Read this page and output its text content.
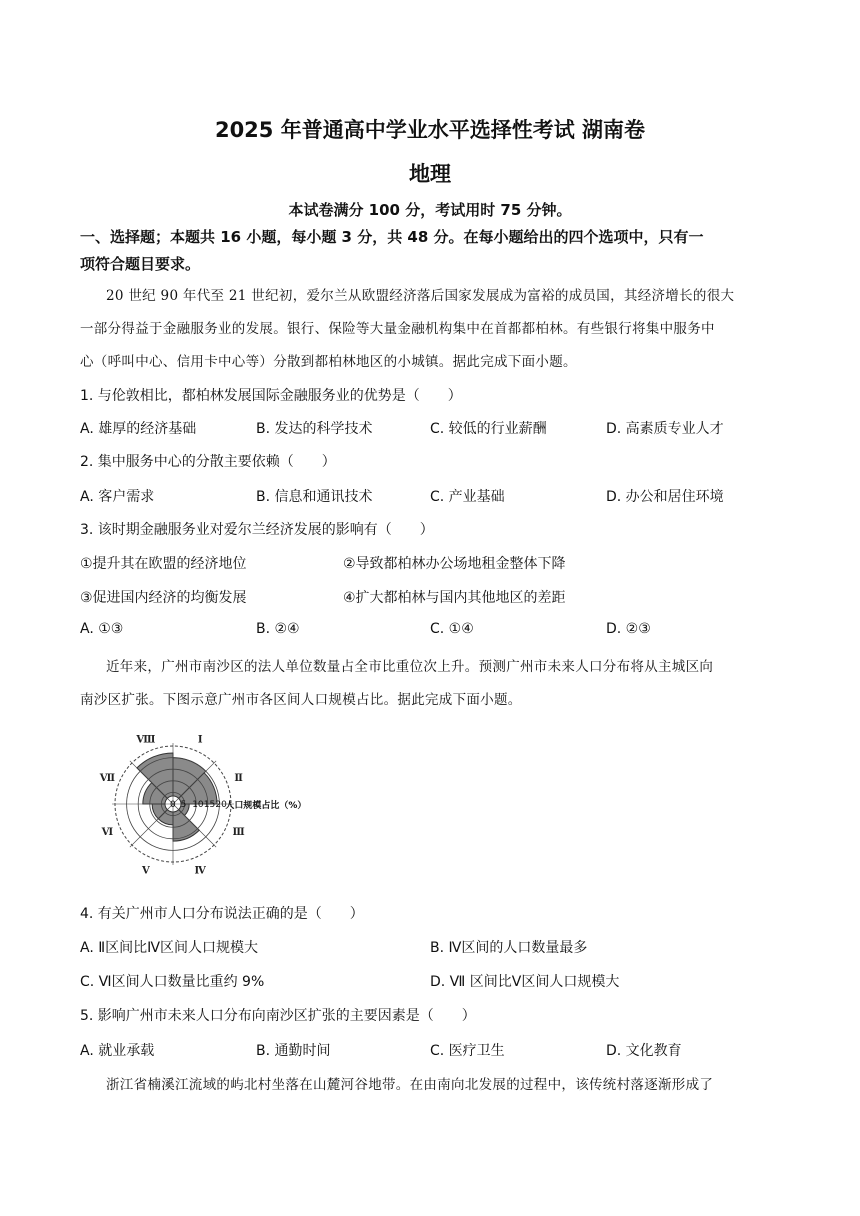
2025 年普通高中学业水平选择性考试 湖南卷
地理
本试卷满分 100 分，考试用时 75 分钟。
一、选择题；本题共 16 小题，每小题 3 分，共 48 分。在每小题给出的四个选项中，只有一
项符合题目要求。
20 世纪 90 年代至 21 世纪初，爱尔兰从欧盟经济落后国家发展成为富裕的成员国，其经济增长的很大
一部分得益于金融服务业的发展。银行、保险等大量金融机构集中在首都都柏林。有些银行将集中服务中
心（呼叫中心、信用卡中心等）分散到都柏林地区的小城镇。据此完成下面小题。
1. 与伦敦相比，都柏林发展国际金融服务业的优势是（　　）
A. 雄厚的经济基础	B. 发达的科学技术	C. 较低的行业薪酬	D. 高素质专业人才
2. 集中服务中心的分散主要依赖（　　）
A. 客户需求	B. 信息和通讯技术	C. 产业基础	D. 办公和居住环境
3. 该时期金融服务业对爱尔兰经济发展的影响有（　　）
①提升其在欧盟的经济地位	②导致都柏林办公场地租金整体下降
③促进国内经济的均衡发展	④扩大都柏林与国内其他地区的差距
A. ①③	B. ②④	C. ①④	D. ②③
近年来，广州市南沙区的法人单位数量占全市比重位次上升。预测广州市未来人口分布将从主城区向
南沙区扩张。下图示意广州市各区间人口规模占比。据此完成下面小题。
Ⅰ
Ⅱ
Ⅲ
Ⅳ
Ⅴ
Ⅵ
Ⅶ
Ⅷ
0 5 10 15 20
人口规模占比（%）
4. 有关广州市人口分布说法正确的是（　　）
A. Ⅱ区间比Ⅳ区间人口规模大	B. Ⅳ区间的人口数量最多
C. Ⅵ区间人口数量比重约 9%	D. Ⅶ 区间比Ⅴ区间人口规模大
5. 影响广州市未来人口分布向南沙区扩张的主要因素是（　　）
A. 就业承载	B. 通勤时间	C. 医疗卫生	D. 文化教育
浙江省楠溪江流域的屿北村坐落在山麓河谷地带。在由南向北发展的过程中，该传统村落逐渐形成了
